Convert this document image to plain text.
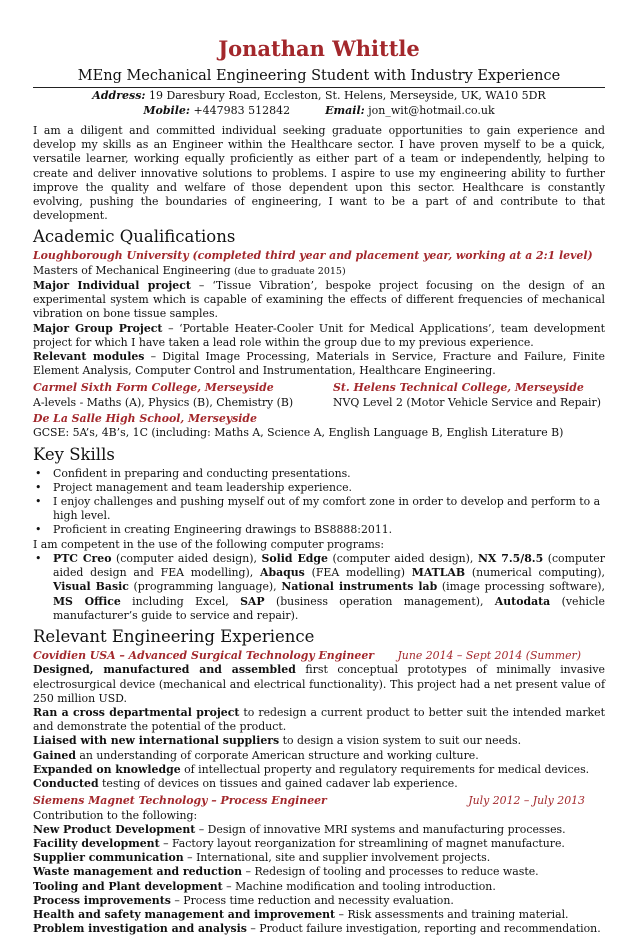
Jonathan Whittle
MEng Mechanical Engineering Student with Industry Experience
Address: 19 Daresbury Road, Eccleston, St. Helens, Merseyside, UK, WA10 5DR
Mobile: +447983 512842	Email: jon_wit@hotmail.co.uk

I am a diligent and committed individual seeking graduate opportunities to gain experience and develop my skills as an Engineer within the Healthcare sector. I have proven myself to be a quick, versatile learner, working equally proficiently as either part of a team or independently, helping to create and deliver innovative solutions to problems. I aspire to use my engineering ability to further improve the quality and welfare of those dependent upon this sector. Healthcare is constantly evolving, pushing the boundaries of engineering, I want to be a part of and contribute to that development.

Academic Qualifications
Loughborough University (completed third year and placement year, working at a 2:1 level)

Masters of Mechanical Engineering (due to graduate 2015)

Major Individual project – ‘Tissue Vibration’, bespoke project focusing on the design of an experimental system which is capable of examining the effects of different frequencies of mechanical vibration on bone tissue samples.

Major Group Project – ‘Portable Heater-Cooler Unit for Medical Applications’, team development project for which I have taken a lead role within the group due to my previous experience.

Relevant modules – Digital Image Processing, Materials in Service, Fracture and Failure, Finite Element Analysis, Computer Control and Instrumentation, Healthcare Engineering.

Carmel Sixth Form College, Merseyside

A-levels - Maths (A), Physics (B), Chemistry (B)

St. Helens Technical College, Merseyside

NVQ Level 2 (Motor Vehicle Service and Repair)

De La Salle High School, Merseyside

GCSE: 5A’s, 4B’s, 1C (including: Maths A, Science A, English Language B, English Literature B)

Key Skills
• Confident in preparing and conducting presentations.
• Project management and team leadership experience.
• I enjoy challenges and pushing myself out of my comfort zone in order to develop and perform to a high level.
• Proficient in creating Engineering drawings to BS8888:2011.

I am competent in the use of the following computer programs:

• PTC Creo (computer aided design), Solid Edge (computer aided design), NX 7.5/8.5 (computer aided design and FEA modelling), Abaqus (FEA modelling) MATLAB (numerical computing), Visual Basic (programming language), National instruments lab (image processing software), MS Office including Excel, SAP (business operation management), Autodata (vehicle manufacturer’s guide to service and repair).
Relevant Engineering Experience
Covidien USA – Advanced Surgical Technology Engineer June 2014 – Sept 2014 (Summer)

Designed, manufactured and assembled first conceptual prototypes of minimally invasive electrosurgical device (mechanical and electrical functionality). This project had a net present value of 250 million USD.

Ran a cross departmental project to redesign a current product to better suit the intended market and demonstrate the potential of the product.

Liaised with new international suppliers to design a vision system to suit our needs.

Gained an understanding of corporate American structure and working culture.

Expanded on knowledge of intellectual property and regulatory requirements for medical devices.

Conducted testing of devices on tissues and gained cadaver lab experience.

Siemens Magnet Technology – Process Engineer	July 2012 – July 2013

Contribution to the following:

New Product Development – Design of innovative MRI systems and manufacturing processes.

Facility development – Factory layout reorganization for streamlining of magnet manufacture.

Supplier communication – International, site and supplier involvement projects.

Waste management and reduction – Redesign of tooling and processes to reduce waste.

Tooling and Plant development – Machine modification and tooling introduction.

Process improvements – Process time reduction and necessity evaluation.

Health and safety management and improvement – Risk assessments and training material.

Problem investigation and analysis – Product failure investigation, reporting and recommendation.
